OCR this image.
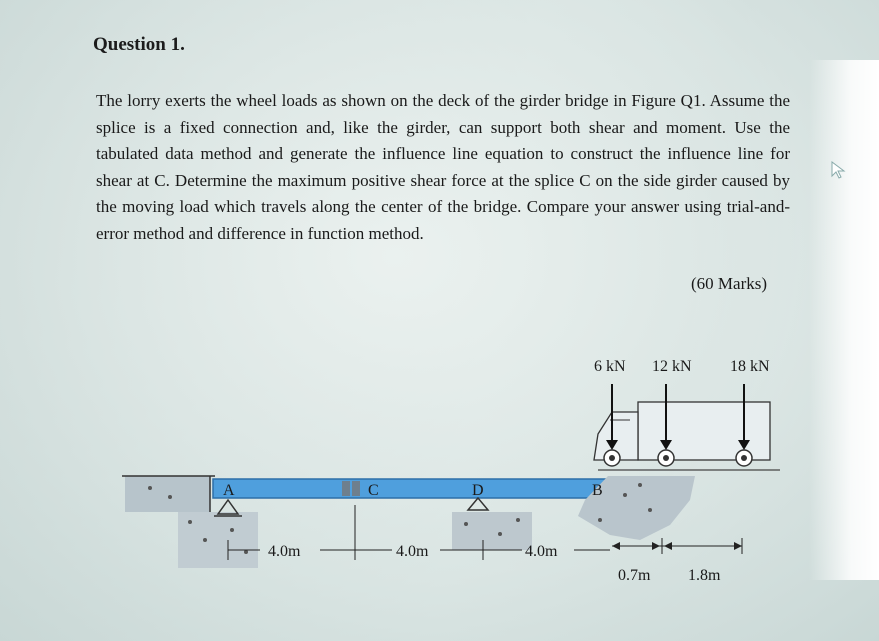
Question 1.

The lorry exerts the wheel loads as shown on the deck of the girder bridge in Figure Q1. Assume the splice is a fixed connection and, like the girder, can support both shear and moment. Use the tabulated data method and generate the influence line equation to construct the influence line for shear at C. Determine the maximum positive shear force at the splice C on the side girder caused by the moving load which travels along the center of the bridge. Compare your answer using trial-and-error method and difference in function method.

(60 Marks)
A	C	D	B
4.0m	4.0m	4.0m
0.7m 1.8m
6 kN 12 kN 18 kN
